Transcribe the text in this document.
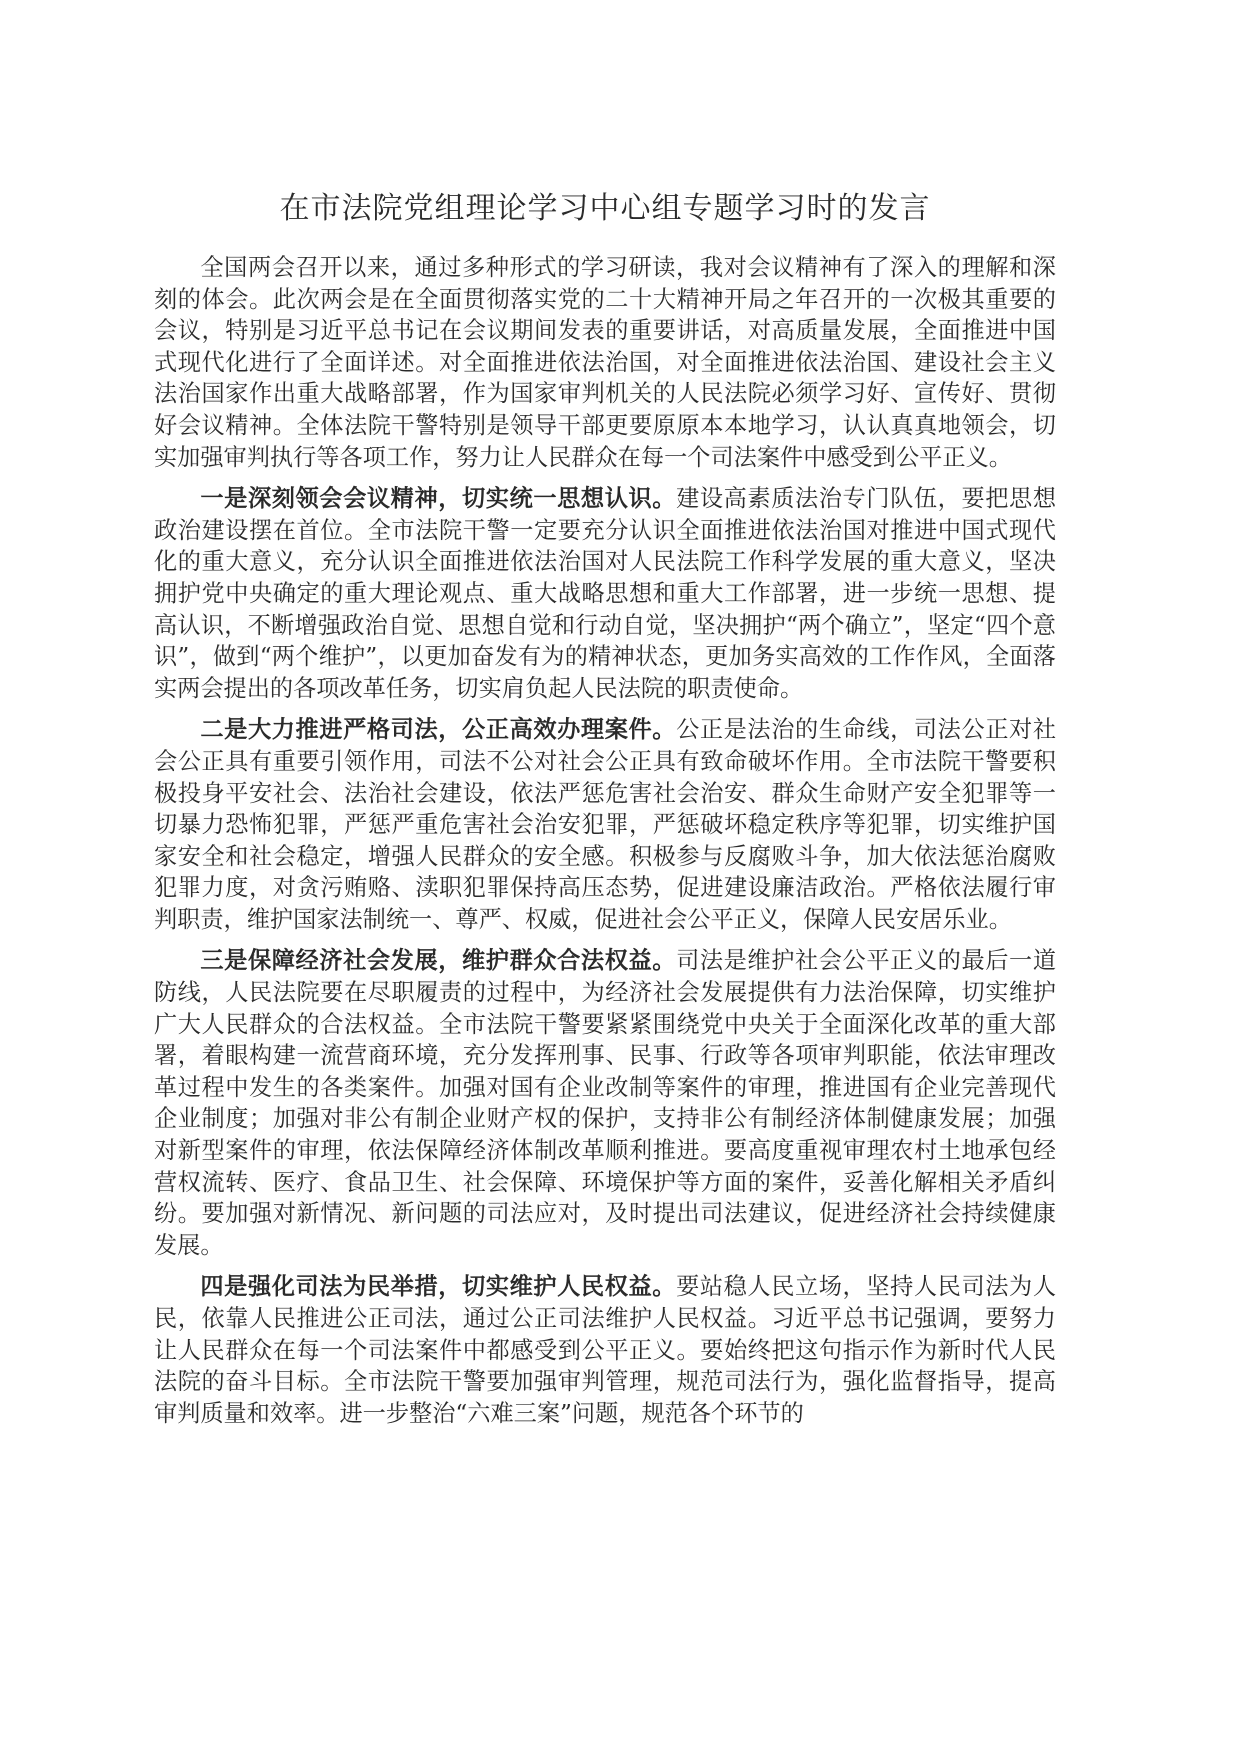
在市法院党组理论学习中心组专题学习时的发言

全国两会召开以来，通过多种形式的学习研读，我对会议精神有了深入的理解和深刻的体会。此次两会是在全面贯彻落实党的二十大精神开局之年召开的一次极其重要的会议，特别是习近平总书记在会议期间发表的重要讲话，对高质量发展，全面推进中国式现代化进行了全面详述。对全面推进依法治国，对全面推进依法治国、建设社会主义法治国家作出重大战略部署，作为国家审判机关的人民法院必须学习好、宣传好、贯彻好会议精神。全体法院干警特别是领导干部更要原原本本地学习，认认真真地领会，切实加强审判执行等各项工作，努力让人民群众在每一个司法案件中感受到公平正义。

一是深刻领会会议精神，切实统一思想认识。建设高素质法治专门队伍，要把思想政治建设摆在首位。全市法院干警一定要充分认识全面推进依法治国对推进中国式现代化的重大意义，充分认识全面推进依法治国对人民法院工作科学发展的重大意义，坚决拥护党中央确定的重大理论观点、重大战略思想和重大工作部署，进一步统一思想、提高认识，不断增强政治自觉、思想自觉和行动自觉，坚决拥护“两个确立”，坚定“四个意识”，做到“两个维护”，以更加奋发有为的精神状态，更加务实高效的工作作风，全面落实两会提出的各项改革任务，切实肩负起人民法院的职责使命。

二是大力推进严格司法，公正高效办理案件。公正是法治的生命线，司法公正对社会公正具有重要引领作用，司法不公对社会公正具有致命破坏作用。全市法院干警要积极投身平安社会、法治社会建设，依法严惩危害社会治安、群众生命财产安全犯罪等一切暴力恐怖犯罪，严惩严重危害社会治安犯罪，严惩破坏稳定秩序等犯罪，切实维护国家安全和社会稳定，增强人民群众的安全感。积极参与反腐败斗争，加大依法惩治腐败犯罪力度，对贪污贿赂、渎职犯罪保持高压态势，促进建设廉洁政治。严格依法履行审判职责，维护国家法制统一、尊严、权威，促进社会公平正义，保障人民安居乐业。

三是保障经济社会发展，维护群众合法权益。司法是维护社会公平正义的最后一道防线，人民法院要在尽职履责的过程中，为经济社会发展提供有力法治保障，切实维护广大人民群众的合法权益。全市法院干警要紧紧围绕党中央关于全面深化改革的重大部署，着眼构建一流营商环境，充分发挥刑事、民事、行政等各项审判职能，依法审理改革过程中发生的各类案件。加强对国有企业改制等案件的审理，推进国有企业完善现代企业制度；加强对非公有制企业财产权的保护，支持非公有制经济体制健康发展；加强对新型案件的审理，依法保障经济体制改革顺利推进。要高度重视审理农村土地承包经营权流转、医疗、食品卫生、社会保障、环境保护等方面的案件，妥善化解相关矛盾纠纷。要加强对新情况、新问题的司法应对，及时提出司法建议，促进经济社会持续健康发展。

四是强化司法为民举措，切实维护人民权益。要站稳人民立场，坚持人民司法为人民，依靠人民推进公正司法，通过公正司法维护人民权益。习近平总书记强调，要努力让人民群众在每一个司法案件中都感受到公平正义。要始终把这句指示作为新时代人民法院的奋斗目标。全市法院干警要加强审判管理，规范司法行为，强化监督指导，提高审判质量和效率。进一步整治“六难三案”问题，规范各个环节的
